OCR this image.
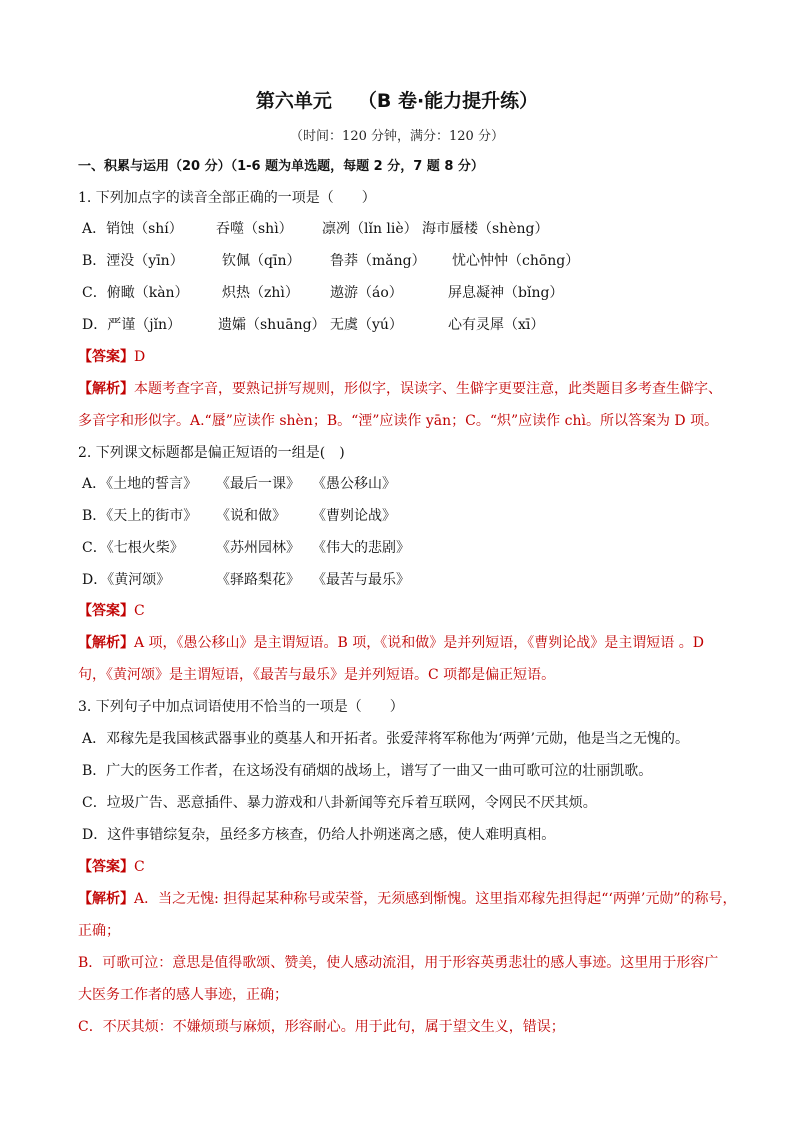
第六单元 （B 卷·能力提升练）
（时间：120 分钟，满分：120 分）
一、积累与运用（20 分）（1-6 题为单选题，每题 2 分，7 题 8 分）
1. 下列加点字的读音全部正确的一项是（　　）
A．销蚀（shí） 吞噬（shì） 凛冽（lǐn liè） 海市蜃楼（shèng）
B．湮没（yīn）	钦佩（qīn） 鲁莽（mǎng） 忧心忡忡（chōng）
C．俯瞰（kàn） 炽热（zhì） 遨游（áo）	屏息凝神（bǐng）
D．严谨（jǐn）	遗孀（shuāng） 无虞（yú）	心有灵犀（xī）
【答案】D
【解析】本题考查字音，要熟记拼写规则，形似字，误读字、生僻字更要注意，此类题目多考查生僻字、
多音字和形似字。A.“蜃”应读作 shèn；B。“湮”应读作 yān；C。“炽”应读作 chì。所以答案为 D 项。
2. 下列课文标题都是偏正短语的一组是(　)
A．《土地的誓言》 《最后一课》 《愚公移山》
B．《天上的街市》 《说和做》 《曹刿论战》
C．《七根火柴》 《苏州园林》 《伟大的悲剧》
D．《黄河颂》	《驿路梨花》 《最苦与最乐》
【答案】C
【解析】A 项，《愚公移山》是主谓短语。B 项，《说和做》是并列短语，《曹刿论战》是主谓短语 。D
句，《黄河颂》是主谓短语，《最苦与最乐》是并列短语。C 项都是偏正短语。
3. 下列句子中加点词语使用不恰当的一项是（　　）
A．邓稼先是我国核武器事业的奠基人和开拓者。张爱萍将军称他为‘两弹’元勋，他是当之无愧的。
B．广大的医务工作者，在这场没有硝烟的战场上，谱写了一曲又一曲可歌可泣的壮丽凯歌。
C．垃圾广告、恶意插件、暴力游戏和八卦新闻等充斥着互联网，令网民不厌其烦。
D．这件事错综复杂，虽经多方核查，仍给人扑朔迷离之感，使人难明真相。
【答案】C
【解析】A．当之无愧: 担得起某种称号或荣誉，无须感到惭愧。这里指邓稼先担得起“‘两弹’元勋”的称号，
正确；
B．可歌可泣：意思是值得歌颂、赞美，使人感动流泪，用于形容英勇悲壮的感人事迹。这里用于形容广
大医务工作者的感人事迹，正确；
C．不厌其烦：不嫌烦琐与麻烦，形容耐心。用于此句，属于望文生义，错误；
